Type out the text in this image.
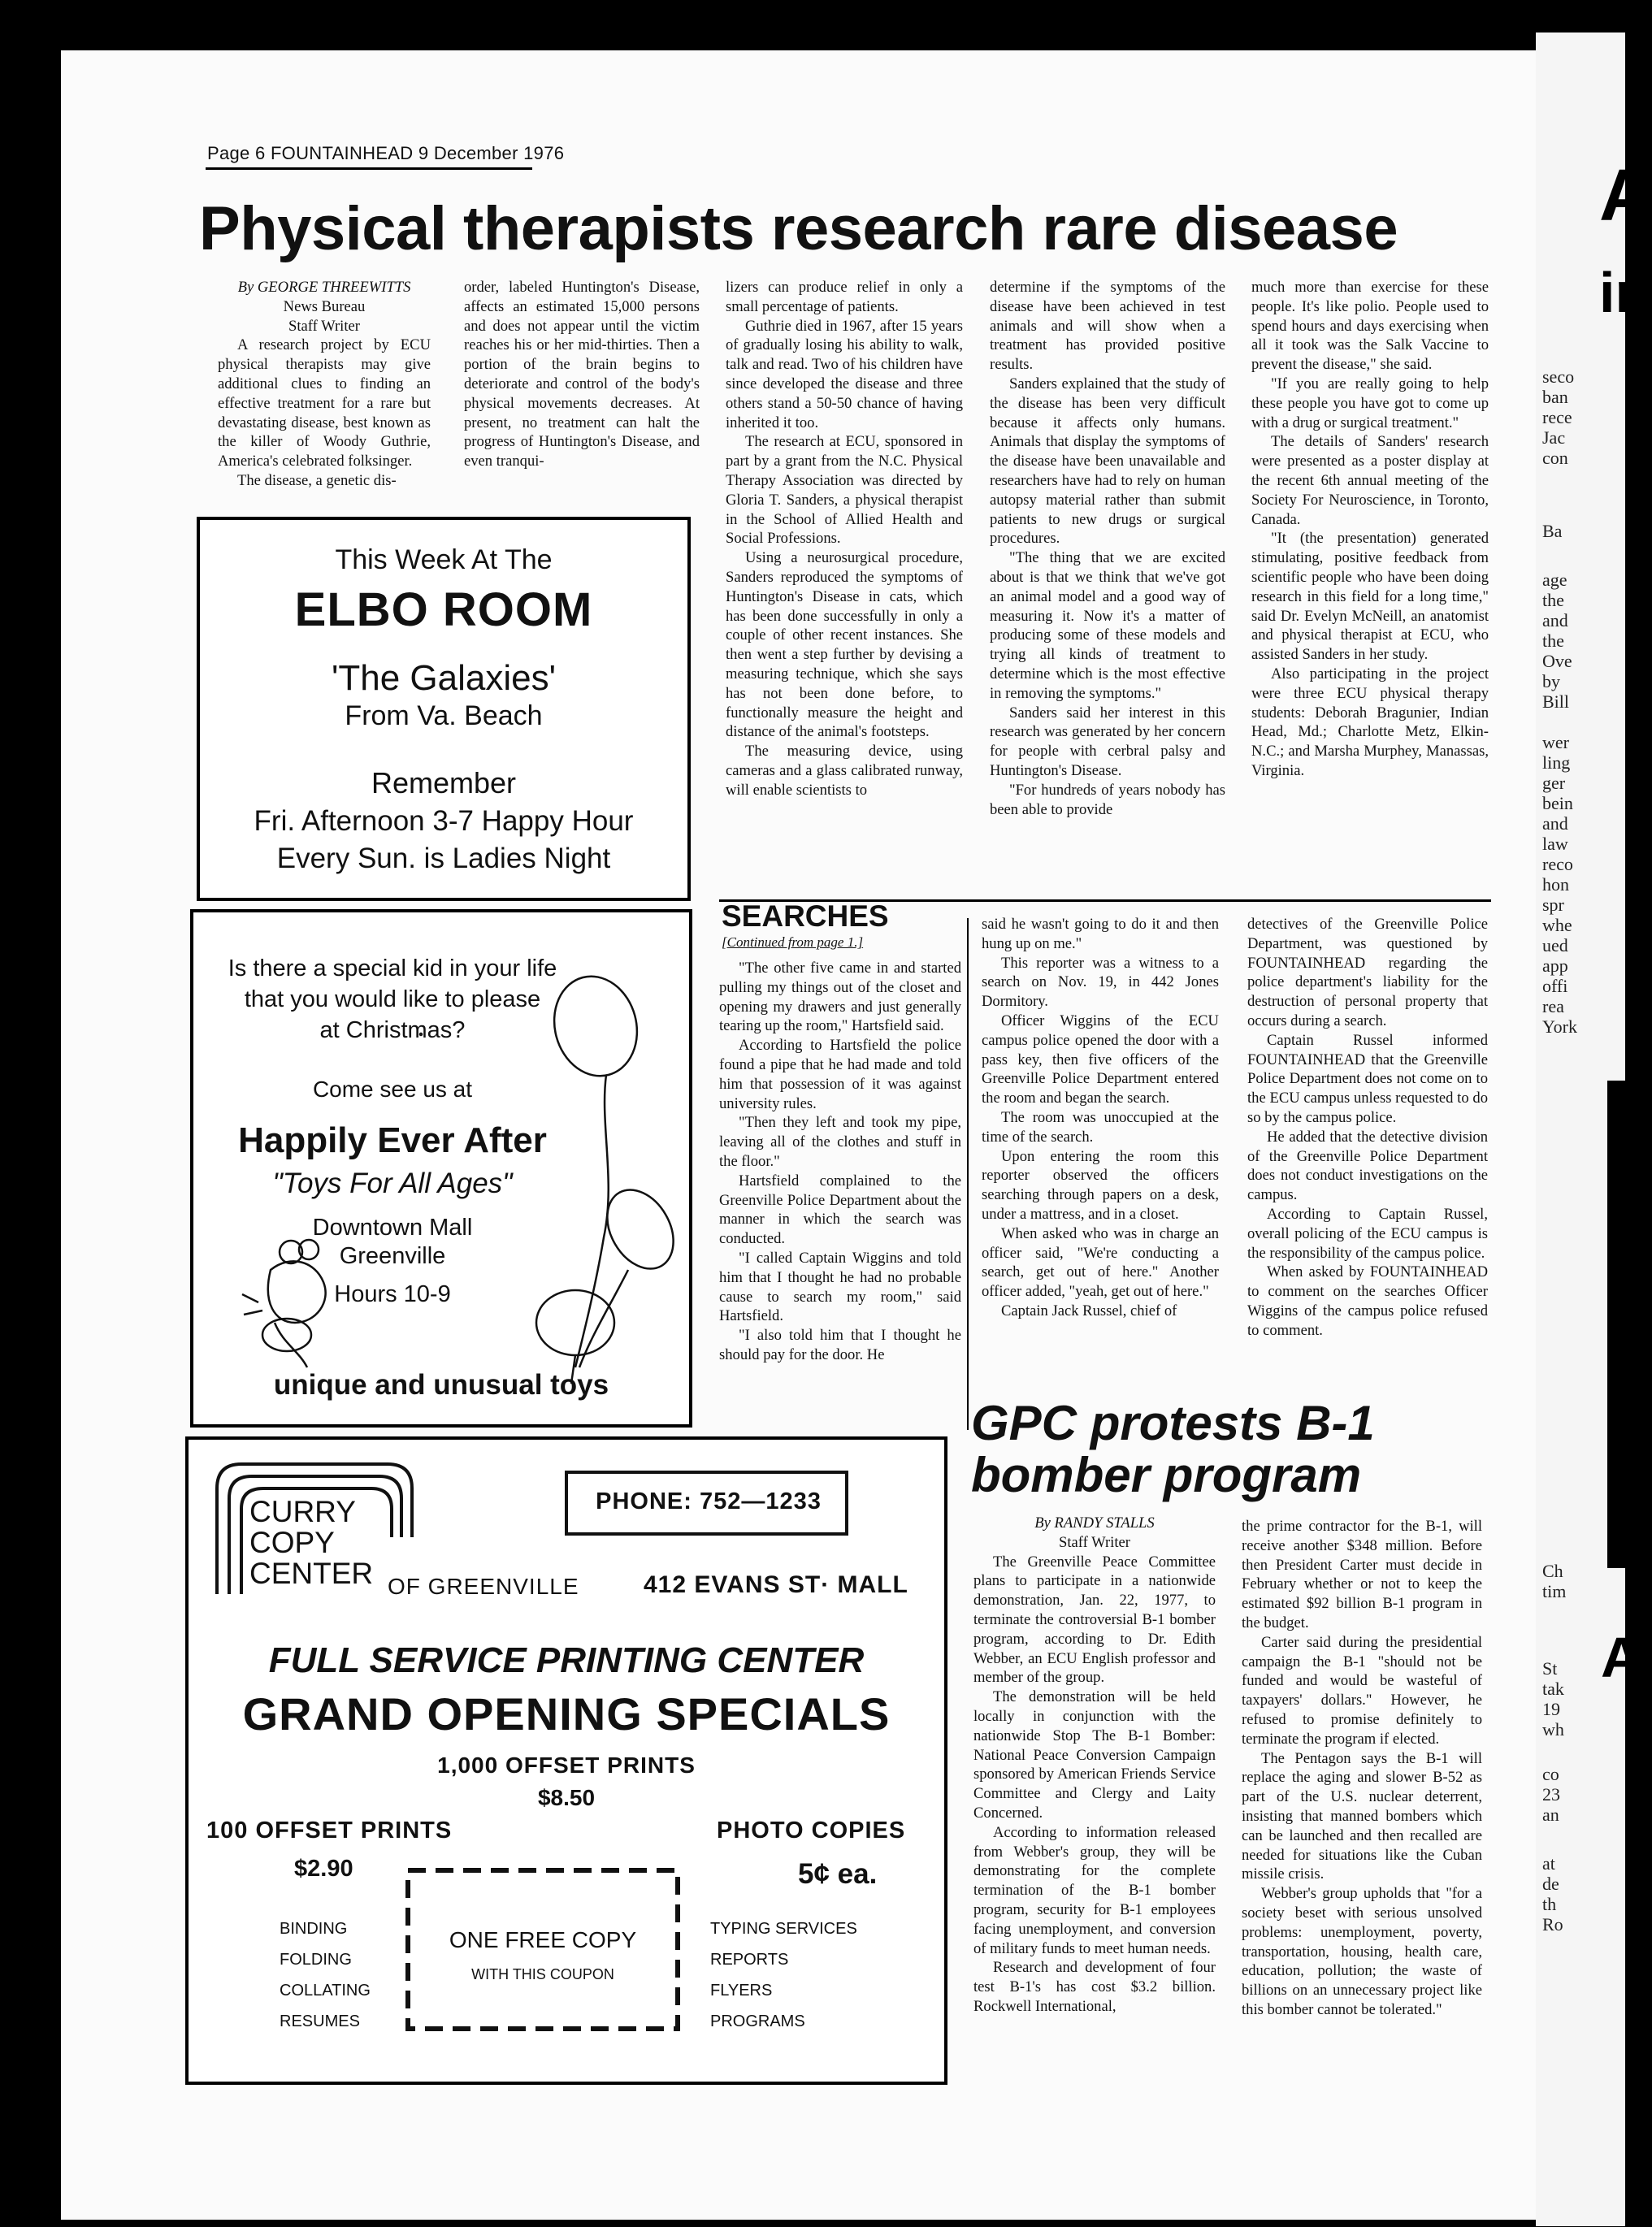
A
in
A
seco
ban
rece
Jac
con
Ba
age
the
and
the
Ove
by
Bill
wer
ling
ger
bein
and
law
reco
hon
spr
whe
ued
app
offi
rea
York
Ch
tim
St
tak
19
wh
co
23
an
at
de
th
Ro
Page 6 FOUNTAINHEAD 9 December 1976
Physical therapists research rare disease

By GEORGE THREEWITTS

News Bureau

Staff Writer

A research project by ECU physical therapists may give additional clues to finding an effective treatment for a rare but devastating disease, best known as the killer of Woody Guthrie, America's celebrated folksinger.

The disease, a genetic dis-

order, labeled Huntington's Disease, affects an estimated 15,000 persons and does not appear until the victim reaches his or her mid-thirties. Then a portion of the brain begins to deteriorate and control of the body's physical movements decreases. At present, no treatment can halt the progress of Huntington's Disease, and even tranqui-

lizers can produce relief in only a small percentage of patients.

Guthrie died in 1967, after 15 years of gradually losing his ability to walk, talk and read. Two of his children have since developed the disease and three others stand a 50-50 chance of having inherited it too.

The research at ECU, sponsored in part by a grant from the N.C. Physical Therapy Association was directed by Gloria T. Sanders, a physical therapist in the School of Allied Health and Social Professions.

Using a neurosurgical procedure, Sanders reproduced the symptoms of Huntington's Disease in cats, which has been done successfully in only a couple of other recent instances. She then went a step further by devising a measuring technique, which she says has not been done before, to functionally measure the height and distance of the animal's footsteps.

The measuring device, using cameras and a glass calibrated runway, will enable scientists to

determine if the symptoms of the disease have been achieved in test animals and will show when a treatment has provided positive results.

Sanders explained that the study of the disease has been very difficult because it affects only humans. Animals that display the symptoms of the disease have been unavailable and researchers have had to rely on human autopsy material rather than submit patients to new drugs or surgical procedures.

"The thing that we are excited about is that we think that we've got an animal model and a good way of measuring it. Now it's a matter of producing some of these models and trying all kinds of treatment to determine which is the most effective in removing the symptoms."

Sanders said her interest in this research was generated by her concern for people with cerbral palsy and Huntington's Disease.

"For hundreds of years nobody has been able to provide

much more than exercise for these people. It's like polio. People used to spend hours and days exercising when all it took was the Salk Vaccine to prevent the disease," she said.

"If you are really going to help these people you have got to come up with a drug or surgical treatment."

The details of Sanders' research were presented as a poster display at the recent 6th annual meeting of the Society For Neuroscience, in Toronto, Canada.

"It (the presentation) generated stimulating, positive feedback from scientific people who have been doing research in this field for a long time," said Dr. Evelyn McNeill, an anatomist and physical therapist at ECU, who assisted Sanders in her study.

Also participating in the project were three ECU physical therapy students: Deborah Bragunier, Indian Head, Md.; Charlotte Metz, Elkin-N.C.; and Marsha Murphey, Manassas, Virginia.

This Week At The
ELBO ROOM
'The Galaxies'
From Va. Beach
Remember
Fri. Afternoon 3-7 Happy Hour
Every Sun. is Ladies Night
Is there a special kid in your life
that you would like to please
at Christmas?
Come see us at
Happily Ever After
"Toys For All Ages"
Downtown Mall
Greenville
Hours 10-9
unique and unusual toys
SEARCHES
[Continued from page 1.]

"The other five came in and started pulling my things out of the closet and opening my drawers and just generally tearing up the room," Hartsfield said.

According to Hartsfield the police found a pipe that he had made and told him that possession of it was against university rules.

"Then they left and took my pipe, leaving all of the clothes and stuff in the floor."

Hartsfield complained to the Greenville Police Department about the manner in which the search was conducted.

"I called Captain Wiggins and told him that I thought he had no probable cause to search my room," said Hartsfield.

"I also told him that I thought he should pay for the door. He

said he wasn't going to do it and then hung up on me."

This reporter was a witness to a search on Nov. 19, in 442 Jones Dormitory.

Officer Wiggins of the ECU campus police opened the door with a pass key, then five officers of the Greenville Police Department entered the room and began the search.

The room was unoccupied at the time of the search.

Upon entering the room this reporter observed the officers searching through papers on a desk, under a mattress, and in a closet.

When asked who was in charge an officer said, "We're conducting a search, get out of here." Another officer added, "yeah, get out of here."

Captain Jack Russel, chief of

detectives of the Greenville Police Department, was questioned by FOUNTAINHEAD regarding the police department's liability for the destruction of personal property that occurs during a search.

Captain Russel informed FOUNTAINHEAD that the Greenville Police Department does not come on to the ECU campus unless requested to do so by the campus police.

He added that the detective division of the Greenville Police Department does not conduct investigations on the campus.

According to Captain Russel, overall policing of the ECU campus is the responsibility of the campus police.

When asked by FOUNTAINHEAD to comment on the searches Officer Wiggins of the campus police refused to comment.

GPC protests B-1
bomber program

By RANDY STALLS

Staff Writer

The Greenville Peace Committee plans to participate in a nationwide demonstration, Jan. 22, 1977, to terminate the controversial B-1 bomber program, according to Dr. Edith Webber, an ECU English professor and member of the group.

The demonstration will be held locally in conjunction with the nationwide Stop The B-1 Bomber: National Peace Conversion Campaign sponsored by American Friends Service Committee and Clergy and Laity Concerned.

According to information released from Webber's group, they will be demonstrating for the complete termination of the B-1 bomber program, security for B-1 employees facing unemployment, and conversion of military funds to meet human needs.

Research and development of four test B-1's has cost $3.2 billion. Rockwell International,

the prime contractor for the B-1, will receive another $348 million. Before then President Carter must decide in February whether or not to keep the estimated $92 billion B-1 program in the budget.

Carter said during the presidential campaign the B-1 "should not be funded and would be wasteful of taxpayers' dollars." However, he refused to promise definitely to terminate the program if elected.

The Pentagon says the B-1 will replace the aging and slower B-52 as part of the U.S. nuclear deterrent, insisting that manned bombers which can be launched and then recalled are needed for situations like the Cuban missile crisis.

Webber's group upholds that "for a society beset with serious unsolved problems: unemployment, poverty, transportation, housing, health care, education, pollution; the waste of billions on an unnecessary project like this bomber cannot be tolerated."

CURRY
COPY
CENTER OF GREENVILLE
PHONE: 752—1233
412 EVANS ST· MALL
FULL SERVICE PRINTING CENTER
GRAND OPENING SPECIALS
1,000 OFFSET PRINTS
$8.50
100 OFFSET PRINTS
$2.90
PHOTO COPIES
5¢ ea.
BINDING
FOLDING
COLLATING
RESUMES
ONE FREE COPY
WITH THIS COUPON
TYPING SERVICES
REPORTS
FLYERS
PROGRAMS
